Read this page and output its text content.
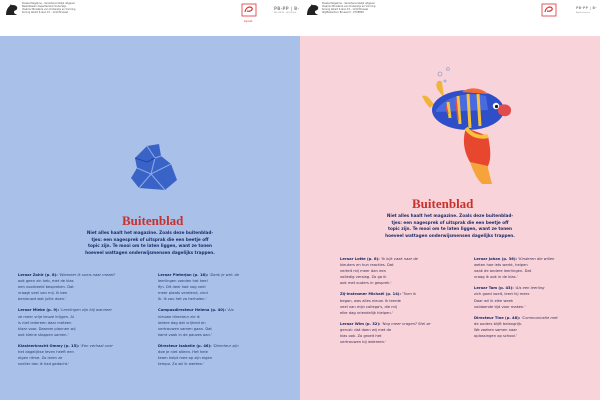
Klasse Magazine - Verantwoordelijk uitgever
Beleidsteam Departement Onderwijs
Vlaams Ministerie van Onderwijs en Vorming
Koning Albert II-laan 15 - 1210 Brussel
bpost
PB-PP | B-
BELGIE(N) - BELGIQUE
Klasse Magazine - Verantwoordelijk uitgever
Vlaams Ministerie van Onderwijs en Vorming
Koning Albert II-laan 15 - 1210 Brussel
Afgiftekantoor Brussel X - P708809
PB-PP | B-
Afgiftekantoor
Buitenblad
Niet alles haalt het magazine. Zoals deze buitenblad-
tjes: een nagesprek of uitsprak die een beetje off
topic zijn. Te mooi om te laten liggen, want ze tonen
hoeveel wattagen onderwijsmensen dagelijks trappen.

Leraar Zohir (p. 8): 'Wanneer ik soms naar mezelf
ook geen zin heb, met de klas
een voorbeeld bespreken. Dat
vraagt veel van mij. Ik ben
benieuwd wat jullie doen.'

Leraar Mieke (p. 9): 'Leerlingen zijn blij wanneer
ze meer vrije keuze krijgen. Al
is niet iedereen daar meteen
klaar voor. Daarom plannen wij
ook kleine stappen samen.'

Klasleerkracht Ommy (p. 15): 'Een verhaal over
het dagelijkse leven heeft een
eigen ritme. Zo leren ze
sneller dan ik had gedacht.'

Leraar Pieterjan (p. 18): 'Dank je wel: de
leerlingen vonden het heel
fijn. Dit deel had nog veel
meer plaats verdiend, vind
ik. Ik zou het zo herhalen.'

Campusdirecteur Helena (p. 40): 'Als
nieuwe directeur zie ik
iedere dag dat vrijheid en
vertrouwen samen gaan. Dat
komt vaak in de pauzes aan.'

Directeur Isabelle (p. 46): 'Directeur zijn
doe je niet alleen. Het hele
team helpt mee op zijn eigen
tempo. Zo wil ik werken.'

Buitenblad
Niet alles haalt het magazine. Zoals deze buitenblad-
tjes: een nagesprek of uitsprak die een beetje off
topic zijn. Te mooi om te laten liggen, want ze tonen
hoeveel wattagen onderwijsmensen dagelijks trappen.

Leraar Lotte (p. 8): 'Ik kijk vaak naar de
kleuters en hun reacties. Dat
vertelt mij meer dan een
volledig verslag. Zo ga ik
ook met ouders in gesprek.'

Zij-instromer Michaël (p. 14): 'Toen ik
begon, was alles nieuw. Ik leerde
veel van mijn collega's, die mij
elke dag vriendelijk hielpen.'

Leraar Wim (p. 32): 'Nog meer vragen? Stel ze
gerust: dat doen wij met de
klas ook. Zo groeit het
vertrouwen bij iedereen.'

Leraar Johan (p. 36): 'Kinderen die willen
weten hoe iets werkt, helpen
vaak de andere leerlingen. Dat
vraag ik ook in de klas.'

Leraar Tom (p. 43): 'Als een leerling
zich goed voelt, leert hij meer.
Daar wil ik elke week
voldoende tijd voor maken.'

Directeur Tine (p. 48): 'Communicatie met
de ouders blijft belangrijk.
We zoeken samen naar
oplossingen op school.'
